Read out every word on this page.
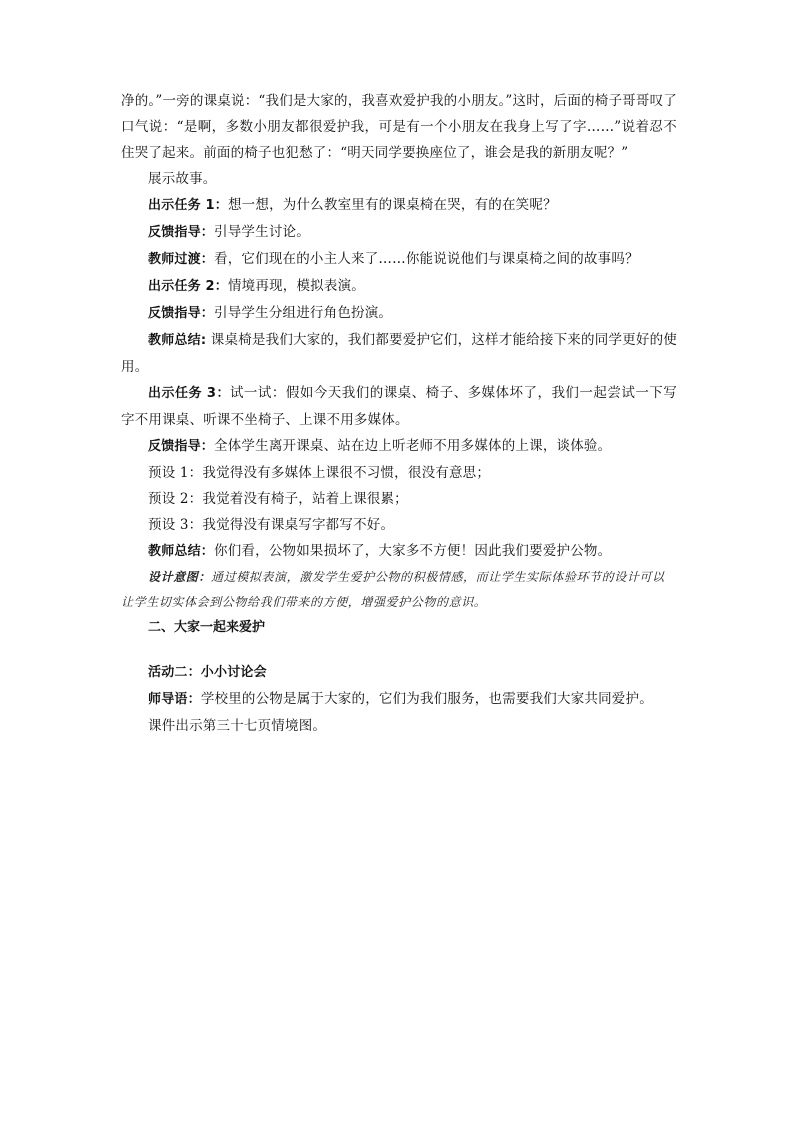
净的。”一旁的课桌说：“我们是大家的，我喜欢爱护我的小朋友。”这时，后面的椅子哥哥叹了口气说：“是啊，多数小朋友都很爱护我，可是有一个小朋友在我身上写了字……”说着忍不住哭了起来。前面的椅子也犯愁了：“明天同学要换座位了，谁会是我的新朋友呢？”

展示故事。

出示任务 1：想一想，为什么教室里有的课桌椅在哭，有的在笑呢？

反馈指导：引导学生讨论。

教师过渡：看，它们现在的小主人来了……你能说说他们与课桌椅之间的故事吗？

出示任务 2：情境再现，模拟表演。

反馈指导：引导学生分组进行角色扮演。

教师总结: 课桌椅是我们大家的，我们都要爱护它们，这样才能给接下来的同学更好的使用。

出示任务 3：试一试：假如今天我们的课桌、椅子、多媒体坏了，我们一起尝试一下写字不用课桌、听课不坐椅子、上课不用多媒体。

反馈指导：全体学生离开课桌、站在边上听老师不用多媒体的上课，谈体验。

预设 1：我觉得没有多媒体上课很不习惯，很没有意思；

预设 2：我觉着没有椅子，站着上课很累；

预设 3：我觉得没有课桌写字都写不好。

教师总结：你们看，公物如果损坏了，大家多不方便！因此我们要爱护公物。

设计意图：通过模拟表演，激发学生爱护公物的积极情感，而让学生实际体验环节的设计可以让学生切实体会到公物给我们带来的方便，增强爱护公物的意识。

二、大家一起来爱护

活动二：小小讨论会

师导语：学校里的公物是属于大家的，它们为我们服务，也需要我们大家共同爱护。

课件出示第三十七页情境图。
